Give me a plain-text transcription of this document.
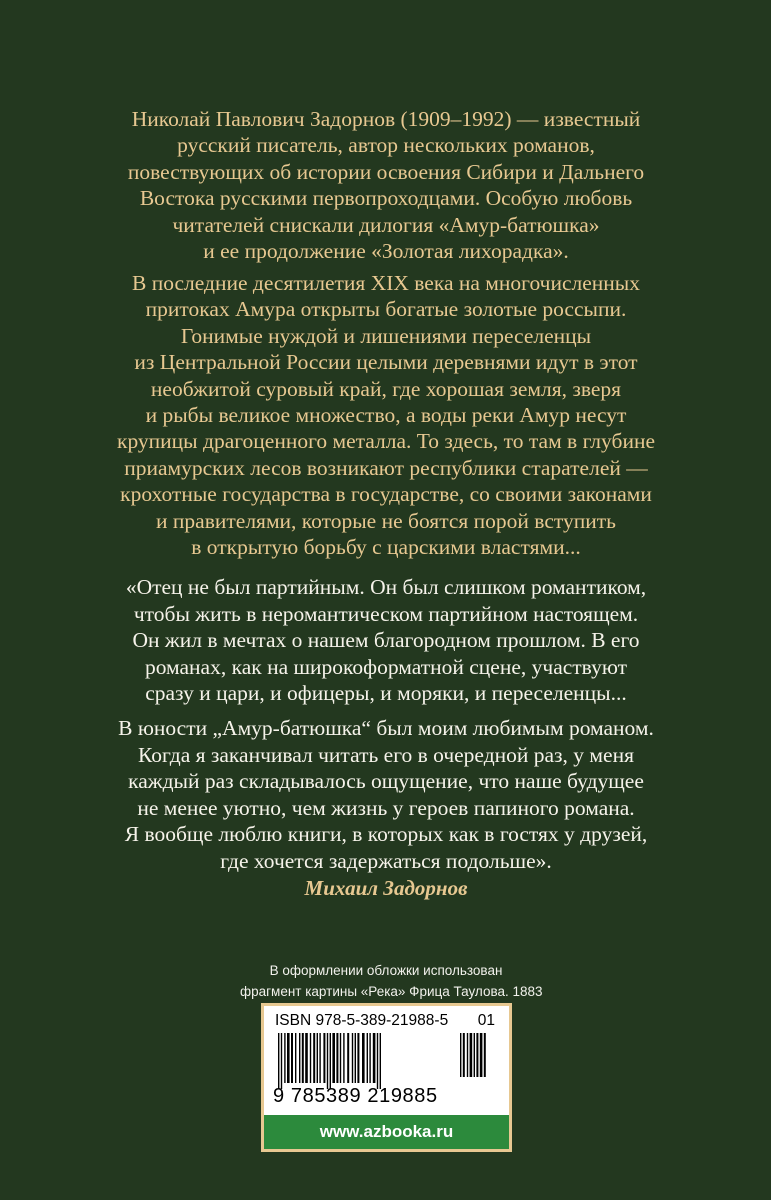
Николай Павлович Задорнов (1909–1992) — известный
русский писатель, автор нескольких романов,
повествующих об истории освоения Сибири и Дальнего
Востока русскими первопроходцами. Особую любовь
читателей снискали дилогия «Амур-батюшка»
и ее продолжение «Золотая лихорадка».
В последние десятилетия XIX века на многочисленных
притоках Амура открыты богатые золотые россыпи.
Гонимые нуждой и лишениями переселенцы
из Центральной России целыми деревнями идут в этот
необжитой суровый край, где хорошая земля, зверя
и рыбы великое множество, а воды реки Амур несут
крупицы драгоценного металла. То здесь, то там в глубине
приамурских лесов возникают республики старателей —
крохотные государства в государстве, со своими законами
и правителями, которые не боятся порой вступить
в открытую борьбу с царскими властями...
«Отец не был партийным. Он был слишком романтиком,
чтобы жить в неромантическом партийном настоящем.
Он жил в мечтах о нашем благородном прошлом. В его
романах, как на широкоформатной сцене, участвуют
сразу и цари, и офицеры, и моряки, и переселенцы...
В юности „Амур-батюшка“ был моим любимым романом.
Когда я заканчивал читать его в очередной раз, у меня
каждый раз складывалось ощущение, что наше будущее
не менее уютно, чем жизнь у героев папиного романа.
Я вообще люблю книги, в которых как в гостях у друзей,
где хочется задержаться подольше».

Михаил Задорнов

В оформлении обложки использован
фрагмент картины «Река» Фрица Таулова. 1883

ISBN 978-5-389-21988-5 01
9 785389 219885
www.azbooka.ru
